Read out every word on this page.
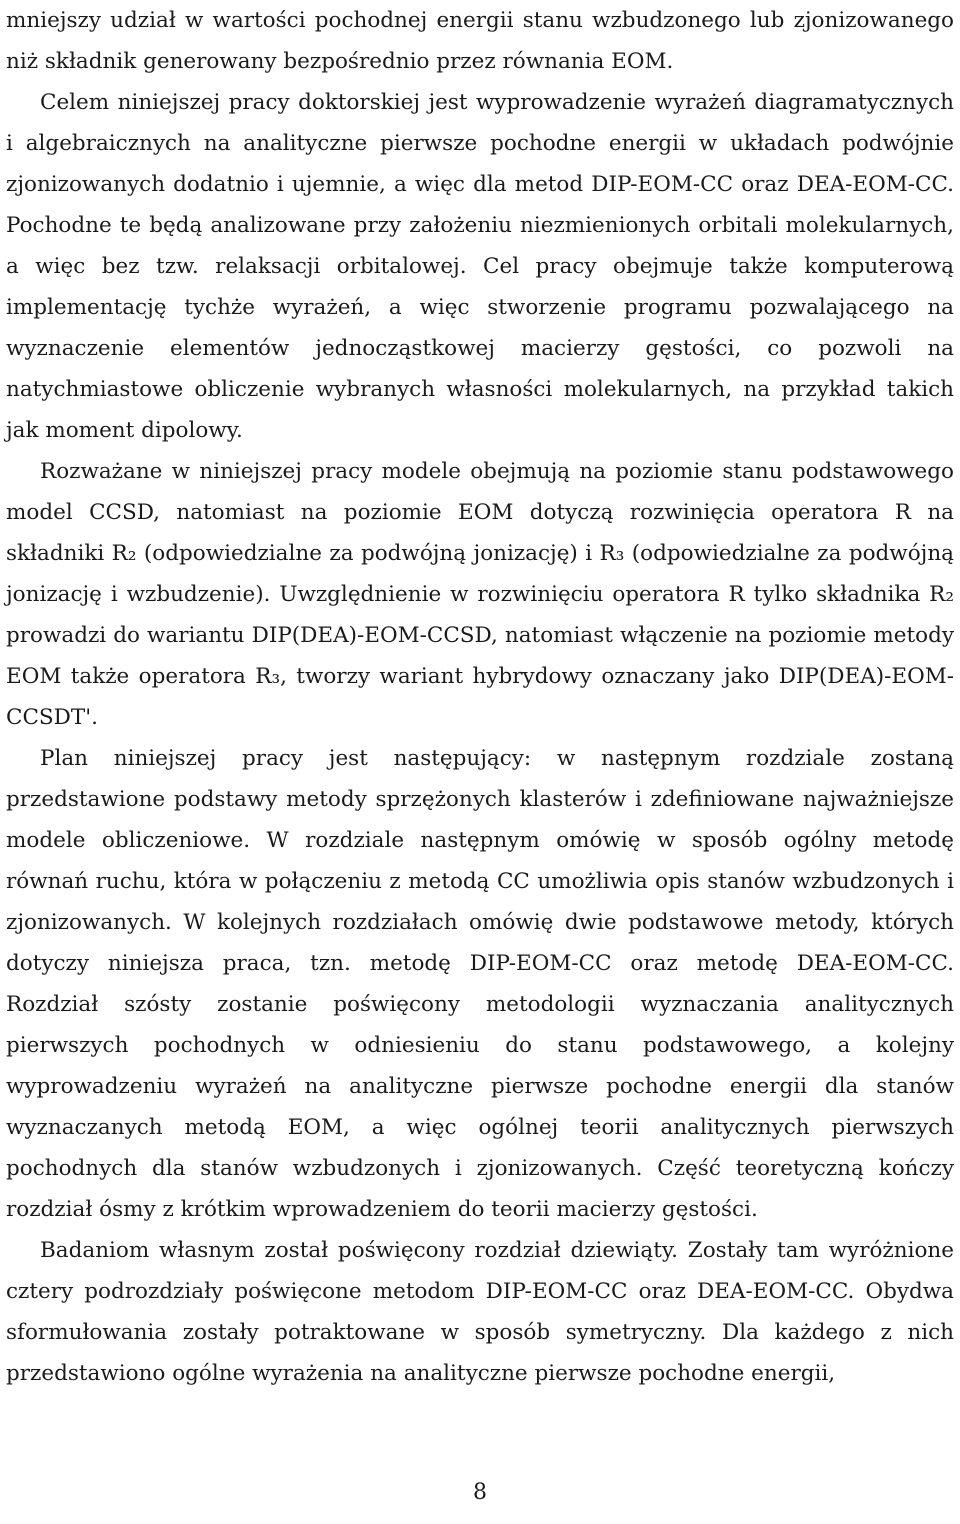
mniejszy udział w wartości pochodnej energii stanu wzbudzonego lub zjonizowanego niż składnik generowany bezpośrednio przez równania EOM.

Celem niniejszej pracy doktorskiej jest wyprowadzenie wyrażeń diagramatycznych i algebraicznych na analityczne pierwsze pochodne energii w układach podwójnie zjonizowanych dodatnio i ujemnie, a więc dla metod DIP-EOM-CC oraz DEA-EOM-CC. Pochodne te będą analizowane przy założeniu niezmienionych orbitali molekularnych, a więc bez tzw. relaksacji orbitalowej. Cel pracy obejmuje także komputerową implementację tychże wyrażeń, a więc stworzenie programu pozwalającego na wyznaczenie elementów jednocząstkowej macierzy gęstości, co pozwoli na natychmiastowe obliczenie wybranych własności molekularnych, na przykład takich jak moment dipolowy.

Rozważane w niniejszej pracy modele obejmują na poziomie stanu podstawowego model CCSD, natomiast na poziomie EOM dotyczą rozwinięcia operatora R na składniki R₂ (odpowiedzialne za podwójną jonizację) i R₃ (odpowiedzialne za podwójną jonizację i wzbudzenie). Uwzględnienie w rozwinięciu operatora R tylko składnika R₂ prowadzi do wariantu DIP(DEA)-EOM-CCSD, natomiast włączenie na poziomie metody EOM także operatora R₃, tworzy wariant hybrydowy oznaczany jako DIP(DEA)-EOM-CCSDT'.

Plan niniejszej pracy jest następujący: w następnym rozdziale zostaną przedstawione podstawy metody sprzężonych klasterów i zdefiniowane najważniejsze modele obliczeniowe. W rozdziale następnym omówię w sposób ogólny metodę równań ruchu, która w połączeniu z metodą CC umożliwia opis stanów wzbudzonych i zjonizowanych. W kolejnych rozdziałach omówię dwie podstawowe metody, których dotyczy niniejsza praca, tzn. metodę DIP-EOM-CC oraz metodę DEA-EOM-CC. Rozdział szósty zostanie poświęcony metodologii wyznaczania analitycznych pierwszych pochodnych w odniesieniu do stanu podstawowego, a kolejny wyprowadzeniu wyrażeń na analityczne pierwsze pochodne energii dla stanów wyznaczanych metodą EOM, a więc ogólnej teorii analitycznych pierwszych pochodnych dla stanów wzbudzonych i zjonizowanych. Część teoretyczną kończy rozdział ósmy z krótkim wprowadzeniem do teorii macierzy gęstości.

Badaniom własnym został poświęcony rozdział dziewiąty. Zostały tam wyróżnione cztery podrozdziały poświęcone metodom DIP-EOM-CC oraz DEA-EOM-CC. Obydwa sformułowania zostały potraktowane w sposób symetryczny. Dla każdego z nich przedstawiono ogólne wyrażenia na analityczne pierwsze pochodne energii,

8
